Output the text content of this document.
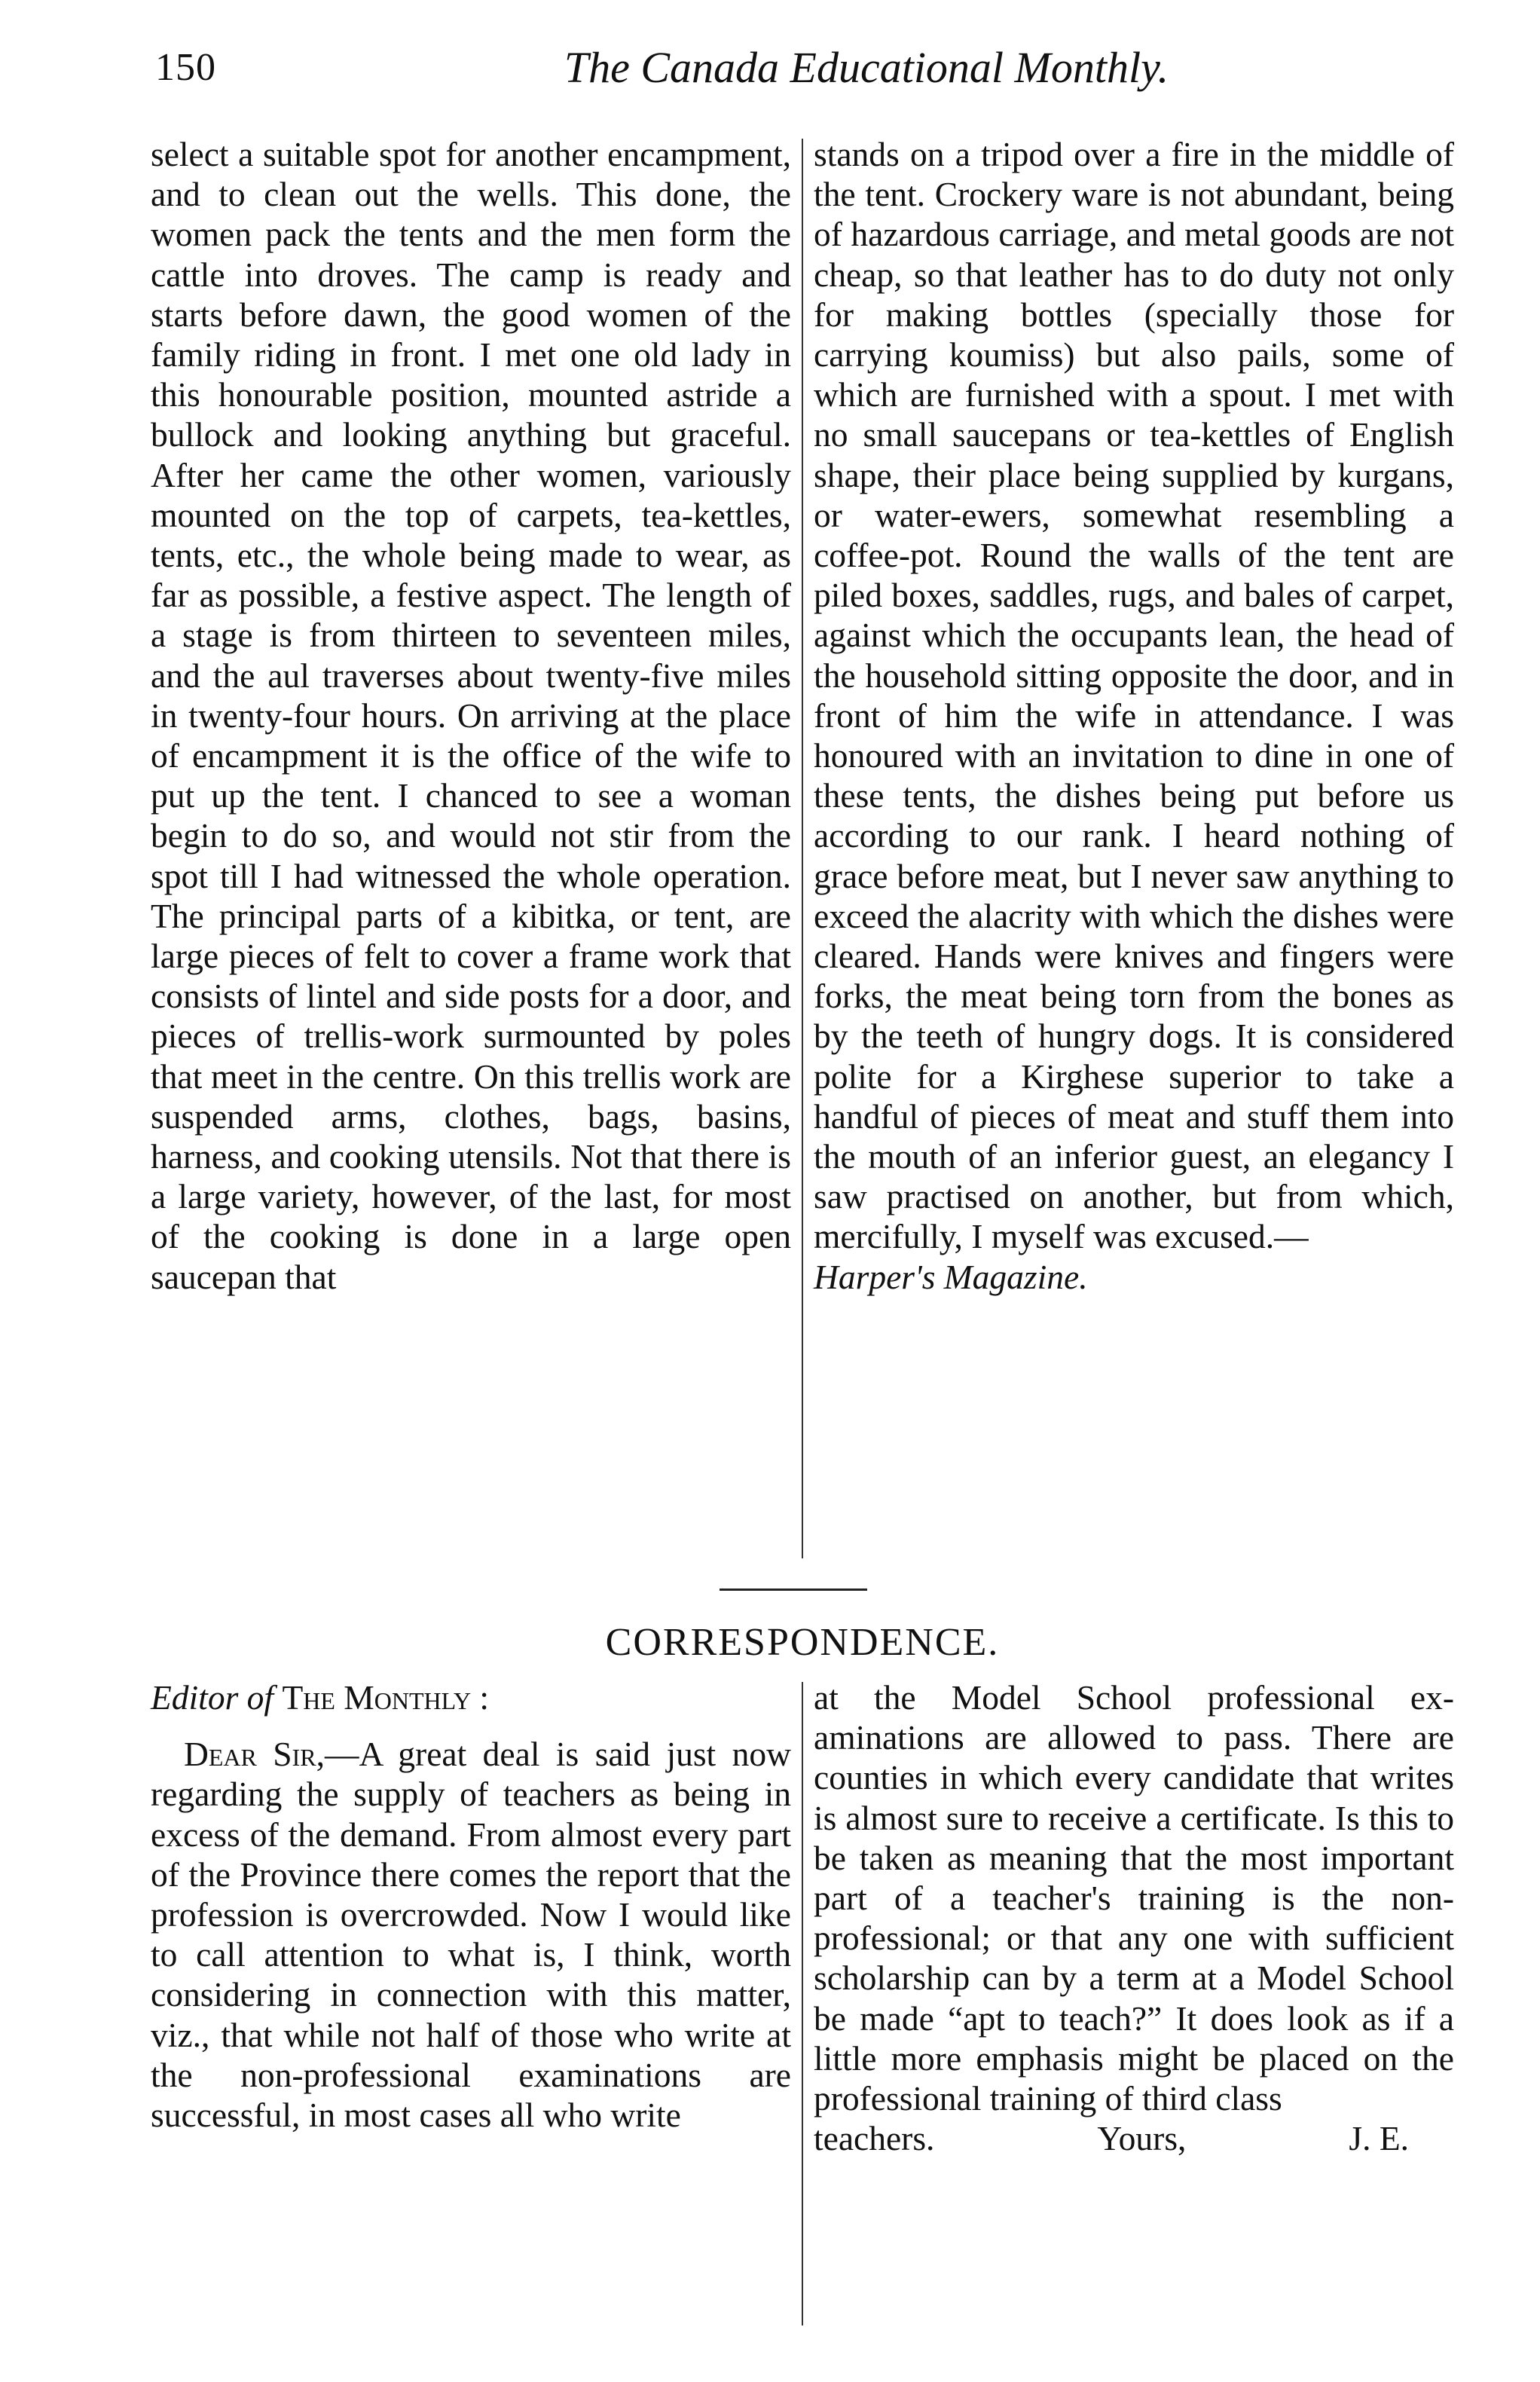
150	The Canada Educational Monthly.

select a suitable spot for another encampment, and to clean out the wells. This done, the women pack the tents and the men form the cattle into droves. The camp is ready and starts before dawn, the good women of the family riding in front. I met one old lady in this honourable position, mounted astride a bullock and looking anything but graceful. After her came the other women, variously mounted on the top of carpets, tea-kettles, tents, etc., the whole being made to wear, as far as possible, a festive aspect. The length of a stage is from thirteen to seventeen miles, and the aul traverses about twenty-five miles in twenty-four hours. On arriving at the place of encampment it is the office of the wife to put up the tent. I chanced to see a woman begin to do so, and would not stir from the spot till I had witnessed the whole operation. The principal parts of a kibitka, or tent, are large pieces of felt to cover a frame work that consists of lintel and side posts for a door, and pieces of trellis-work surmounted by poles that meet in the centre. On this trellis work are suspended arms, clothes, bags, basins, harness, and cooking utensils. Not that there is a large variety, however, of the last, for most of the cooking is done in a large open saucepan that

stands on a tripod over a fire in the middle of the tent. Crockery ware is not abundant, being of hazardous carriage, and metal goods are not cheap, so that leather has to do duty not only for making bottles (specially those for carrying koumiss) but also pails, some of which are furnished with a spout. I met with no small saucepans or tea-kettles of English shape, their place being supplied by kurgans, or water-ewers, somewhat resembling a coffee-pot. Round the walls of the tent are piled boxes, saddles, rugs, and bales of carpet, against which the occupants lean, the head of the household sitting opposite the door, and in front of him the wife in attendance. I was honoured with an invitation to dine in one of these tents, the dishes being put before us according to our rank. I heard nothing of grace before meat, but I never saw anything to exceed the alacrity with which the dishes were cleared. Hands were knives and fingers were forks, the meat being torn from the bones as by the teeth of hungry dogs. It is considered polite for a Kirghese superior to take a handful of pieces of meat and stuff them into the mouth of an inferior guest, an elegancy I saw practised on another, but from which, mercifully, I myself was excused.—
Harper's Magazine.

CORRESPONDENCE.

Editor of The Monthly :

Dear Sir,—A great deal is said just now regarding the supply of teachers as being in excess of the demand. From almost every part of the Province there comes the report that the profession is overcrowded. Now I would like to call attention to what is, I think, worth considering in connection with this matter, viz., that while not half of those who write at the non-professional examinations are successful, in most cases all who write

at the Model School professional examinations are allowed to pass. There are counties in which every candidate that writes is almost sure to receive a certificate. Is this to be taken as meaning that the most important part of a teacher's training is the non-professional; or that any one with sufficient scholarship can by a term at a Model School be made “apt to teach?” It does look as if a little more emphasis might be placed on the professional training of third class

teachers.	Yours,	J. E.
